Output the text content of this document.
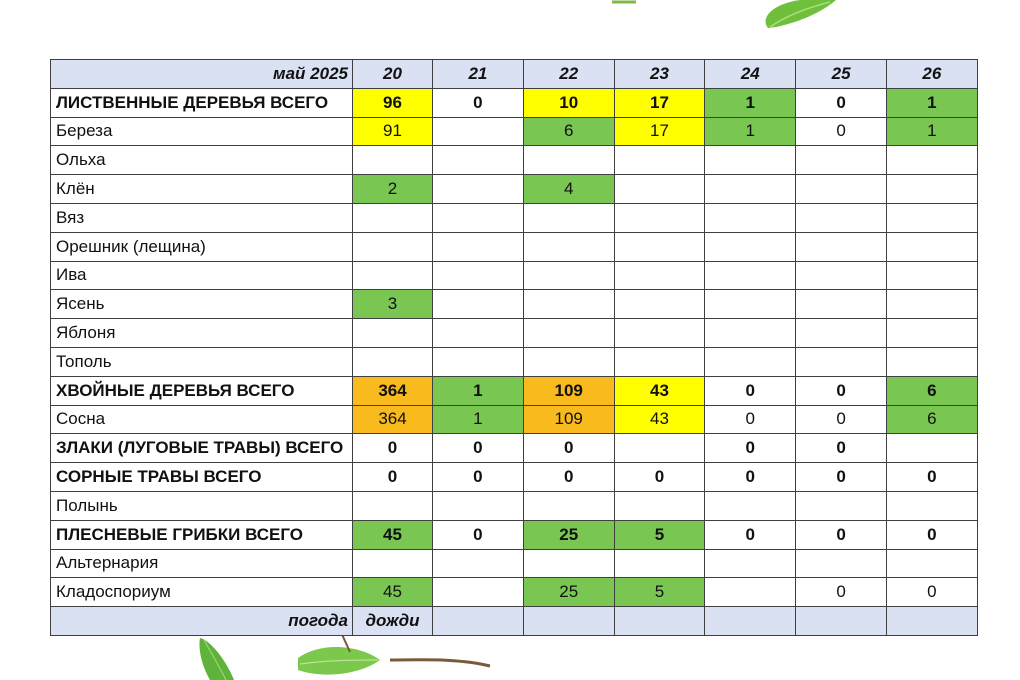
май 2025	20	21	22	23	24	25	26
ЛИСТВЕННЫЕ ДЕРЕВЬЯ ВСЕГО	96	0	10	17	1	0	1
Береза	91		6	17	1	0	1
Ольха							
Клён	2		4				
Вяз							
Орешник (лещина)							
Ива							
Ясень	3						
Яблоня							
Тополь							
ХВОЙНЫЕ ДЕРЕВЬЯ ВСЕГО	364	1	109	43	0	0	6
Сосна	364	1	109	43	0	0	6
ЗЛАКИ (ЛУГОВЫЕ ТРАВЫ) ВСЕГО	0	0	0		0	0	
СОРНЫЕ ТРАВЫ ВСЕГО	0	0	0	0	0	0	0
Полынь							
ПЛЕСНЕВЫЕ ГРИБКИ ВСЕГО	45	0	25	5	0	0	0
Альтернария							
Кладоспориум	45		25	5		0	0
погода	дожди						
